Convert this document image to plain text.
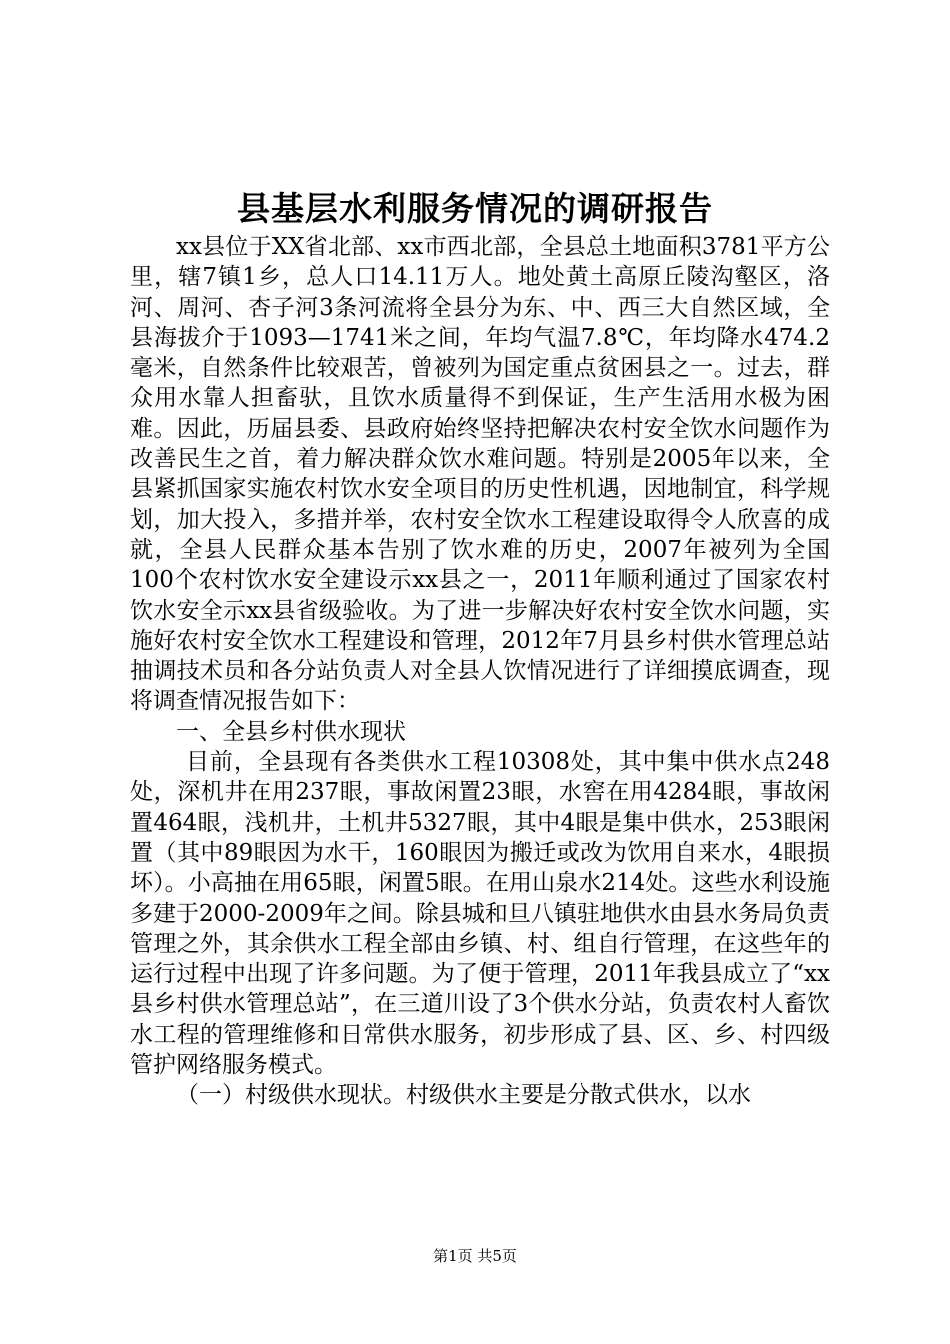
县基层水利服务情况的调研报告

xx县位于XX省北部、xx市西北部，全县总土地面积3781平方公里，辖7镇1乡，总人口14.11万人。地处黄土高原丘陵沟壑区，洛河、周河、杏子河3条河流将全县分为东、中、西三大自然区域，全县海拔介于1093—1741米之间，年均气温7.8℃，年均降水474.2毫米，自然条件比较艰苦，曾被列为国定重点贫困县之一。过去，群众用水靠人担畜驮，且饮水质量得不到保证，生产生活用水极为困难。因此，历届县委、县政府始终坚持把解决农村安全饮水问题作为改善民生之首，着力解决群众饮水难问题。特别是2005年以来，全县紧抓国家实施农村饮水安全项目的历史性机遇，因地制宜，科学规划，加大投入，多措并举，农村安全饮水工程建设取得令人欣喜的成就，全县人民群众基本告别了饮水难的历史，2007年被列为全国100个农村饮水安全建设示xx县之一，2011年顺利通过了国家农村饮水安全示xx县省级验收。为了进一步解决好农村安全饮水问题，实施好农村安全饮水工程建设和管理，2012年7月县乡村供水管理总站抽调技术员和各分站负责人对全县人饮情况进行了详细摸底调查，现将调查情况报告如下：

一、全县乡村供水现状

目前，全县现有各类供水工程10308处，其中集中供水点248处，深机井在用237眼，事故闲置23眼，水窖在用4284眼，事故闲置464眼，浅机井，土机井5327眼，其中4眼是集中供水，253眼闲置（其中89眼因为水干，160眼因为搬迁或改为饮用自来水，4眼损坏）。小高抽在用65眼，闲置5眼。在用山泉水214处。这些水利设施多建于2000-2009年之间。除县城和旦八镇驻地供水由县水务局负责管理之外，其余供水工程全部由乡镇、村、组自行管理，在这些年的运行过程中出现了许多问题。为了便于管理，2011年我县成立了“xx县乡村供水管理总站”，在三道川设了3个供水分站，负责农村人畜饮水工程的管理维修和日常供水服务，初步形成了县、区、乡、村四级管护网络服务模式。

（一）村级供水现状。村级供水主要是分散式供水，以水

第1页 共5页
